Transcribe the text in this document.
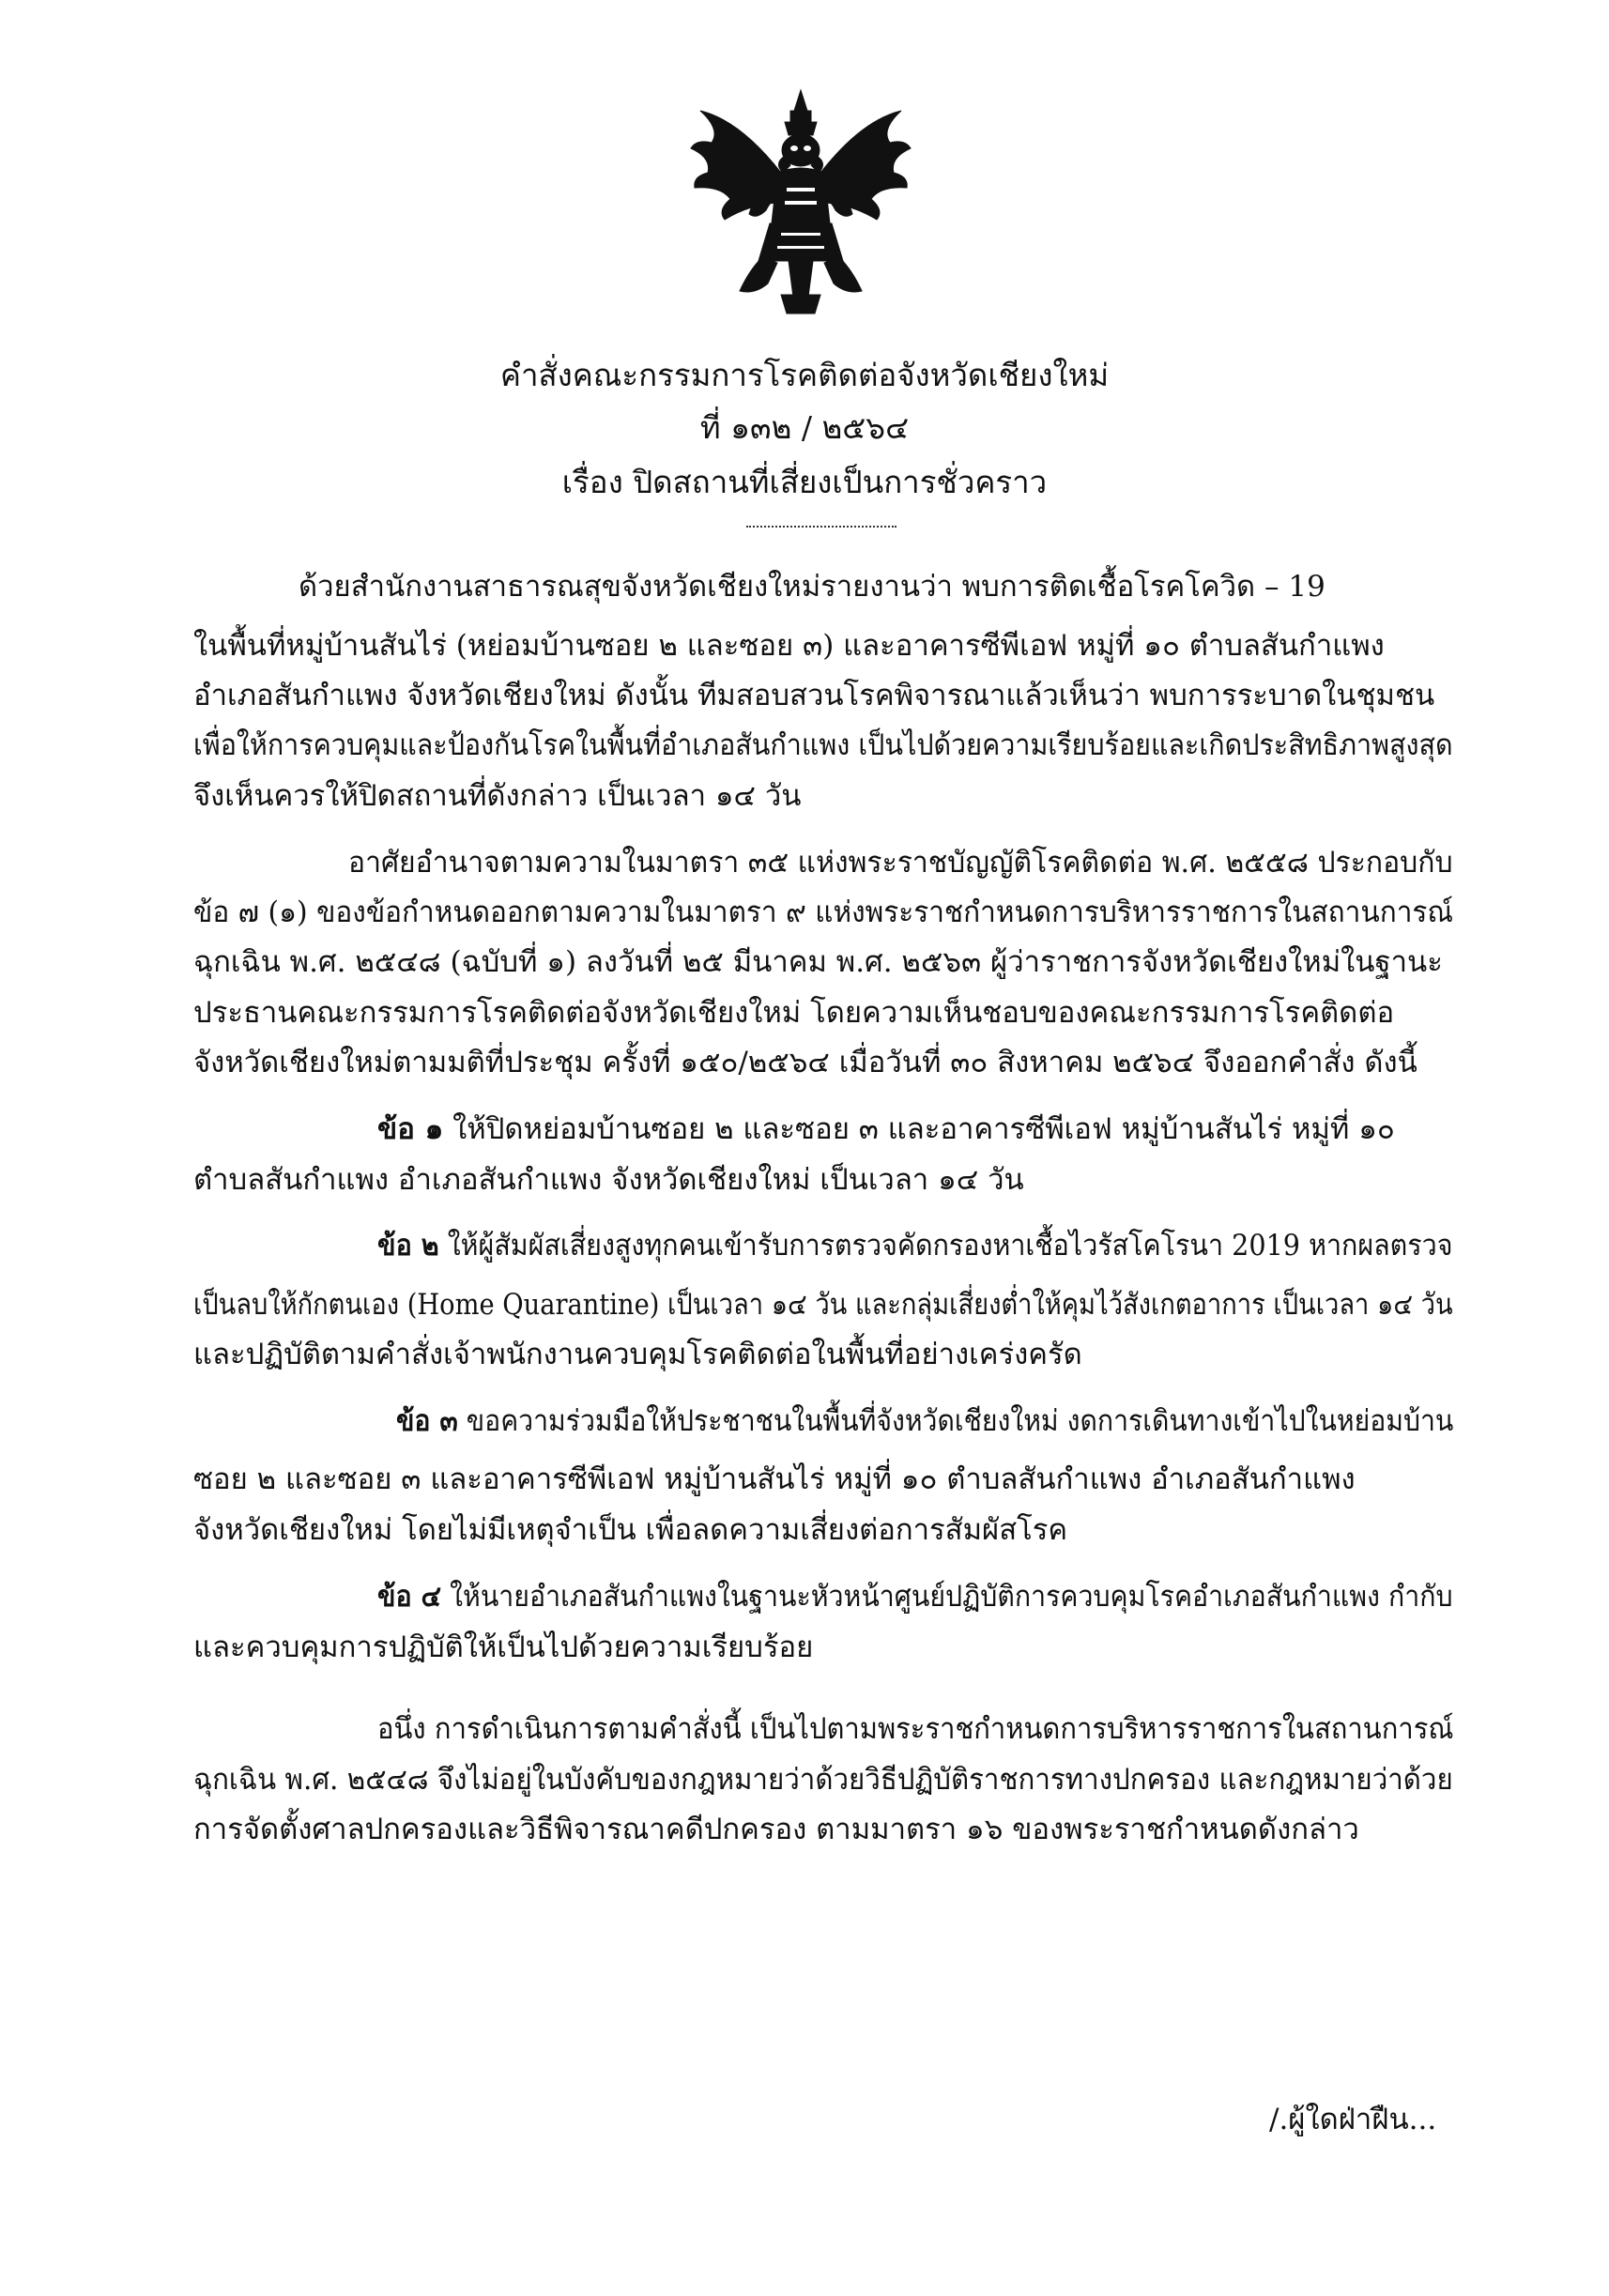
คำสั่งคณะกรรมการโรคติดต่อจังหวัดเชียงใหม่
ที่ ๑๓๒ / ๒๕๖๔
เรื่อง ปิดสถานที่เสี่ยงเป็นการชั่วคราว
ด้วยสำนักงานสาธารณสุขจังหวัดเชียงใหม่รายงานว่า พบการติดเชื้อโรคโควิด – 19
ในพื้นที่หมู่บ้านสันไร่ (หย่อมบ้านซอย ๒ และซอย ๓) และอาคารซีพีเอฟ หมู่ที่ ๑๐ ตำบลสันกำแพง
อำเภอสันกำแพง จังหวัดเชียงใหม่ ดังนั้น ทีมสอบสวนโรคพิจารณาแล้วเห็นว่า พบการระบาดในชุมชน
เพื่อให้การควบคุมและป้องกันโรคในพื้นที่อำเภอสันกำแพง เป็นไปด้วยความเรียบร้อยและเกิดประสิทธิภาพสูงสุด
จึงเห็นควรให้ปิดสถานที่ดังกล่าว เป็นเวลา ๑๔ วัน
อาศัยอำนาจตามความในมาตรา ๓๕ แห่งพระราชบัญญัติโรคติดต่อ พ.ศ. ๒๕๕๘ ประกอบกับ
ข้อ ๗ (๑) ของข้อกำหนดออกตามความในมาตรา ๙ แห่งพระราชกำหนดการบริหารราชการในสถานการณ์
ฉุกเฉิน พ.ศ. ๒๕๔๘ (ฉบับที่ ๑) ลงวันที่ ๒๕ มีนาคม พ.ศ. ๒๕๖๓ ผู้ว่าราชการจังหวัดเชียงใหม่ในฐานะ
ประธานคณะกรรมการโรคติดต่อจังหวัดเชียงใหม่ โดยความเห็นชอบของคณะกรรมการโรคติดต่อ
จังหวัดเชียงใหม่ตามมติที่ประชุม ครั้งที่ ๑๕๐/๒๕๖๔ เมื่อวันที่ ๓๐ สิงหาคม ๒๕๖๔ จึงออกคำสั่ง ดังนี้
ข้อ ๑ ให้ปิดหย่อมบ้านซอย ๒ และซอย ๓ และอาคารซีพีเอฟ หมู่บ้านสันไร่ หมู่ที่ ๑๐
ตำบลสันกำแพง อำเภอสันกำแพง จังหวัดเชียงใหม่ เป็นเวลา ๑๔ วัน
ข้อ ๒ ให้ผู้สัมผัสเสี่ยงสูงทุกคนเข้ารับการตรวจคัดกรองหาเชื้อไวรัสโคโรนา 2019 หากผลตรวจ
เป็นลบให้กักตนเอง (Home Quarantine) เป็นเวลา ๑๔ วัน และกลุ่มเสี่ยงต่ำให้คุมไว้สังเกตอาการ เป็นเวลา ๑๔ วัน
และปฏิบัติตามคำสั่งเจ้าพนักงานควบคุมโรคติดต่อในพื้นที่อย่างเคร่งครัด
ข้อ ๓ ขอความร่วมมือให้ประชาชนในพื้นที่จังหวัดเชียงใหม่ งดการเดินทางเข้าไปในหย่อมบ้าน
ซอย ๒ และซอย ๓ และอาคารซีพีเอฟ หมู่บ้านสันไร่ หมู่ที่ ๑๐ ตำบลสันกำแพง อำเภอสันกำแพง
จังหวัดเชียงใหม่ โดยไม่มีเหตุจำเป็น เพื่อลดความเสี่ยงต่อการสัมผัสโรค
ข้อ ๔ ให้นายอำเภอสันกำแพงในฐานะหัวหน้าศูนย์ปฏิบัติการควบคุมโรคอำเภอสันกำแพง กำกับ
และควบคุมการปฏิบัติให้เป็นไปด้วยความเรียบร้อย
อนึ่ง การดำเนินการตามคำสั่งนี้ เป็นไปตามพระราชกำหนดการบริหารราชการในสถานการณ์
ฉุกเฉิน พ.ศ. ๒๕๔๘ จึงไม่อยู่ในบังคับของกฎหมายว่าด้วยวิธีปฏิบัติราชการทางปกครอง และกฎหมายว่าด้วย
การจัดตั้งศาลปกครองและวิธีพิจารณาคดีปกครอง ตามมาตรา ๑๖ ของพระราชกำหนดดังกล่าว
/.ผู้ใดฝ่าฝืน...
